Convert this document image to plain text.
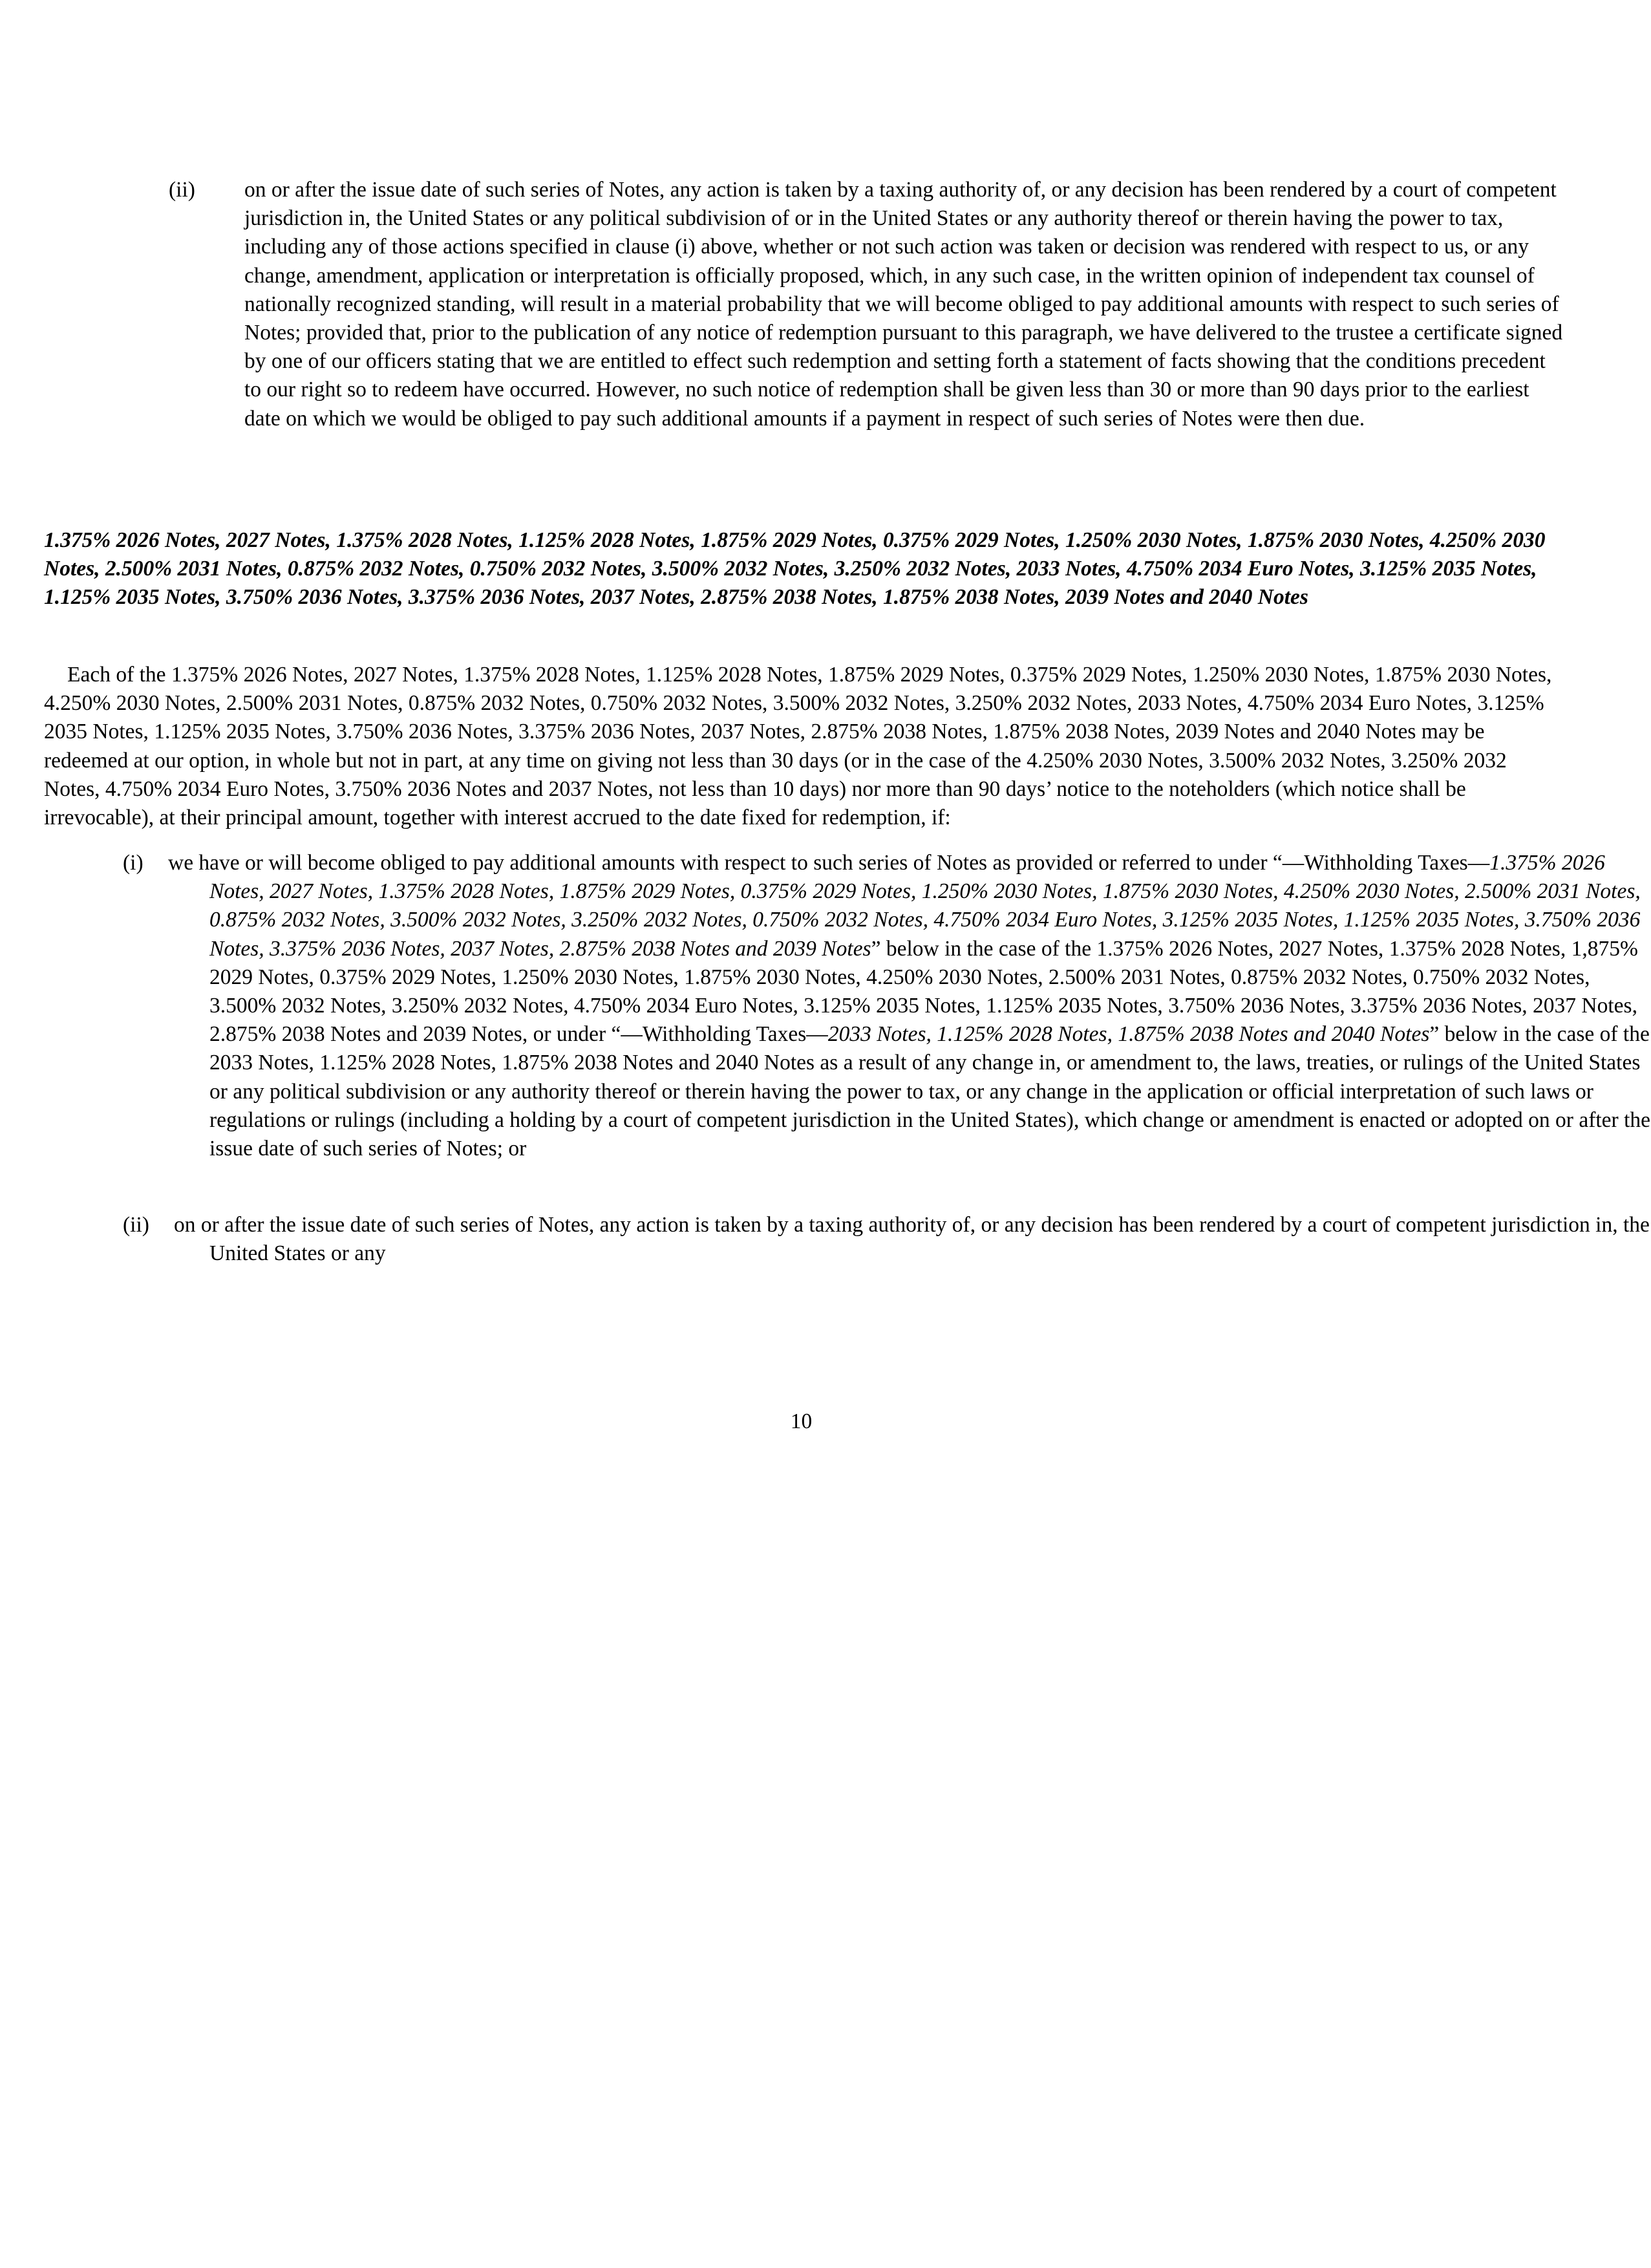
(ii) on or after the issue date of such series of Notes, any action is taken by a taxing authority of, or any decision has been rendered by a court of competent jurisdiction in, the United States or any political subdivision of or in the United States or any authority thereof or therein having the power to tax, including any of those actions specified in clause (i) above, whether or not such action was taken or decision was rendered with respect to us, or any change, amendment, application or interpretation is officially proposed, which, in any such case, in the written opinion of independent tax counsel of nationally recognized standing, will result in a material probability that we will become obliged to pay additional amounts with respect to such series of Notes; provided that, prior to the publication of any notice of redemption pursuant to this paragraph, we have delivered to the trustee a certificate signed by one of our officers stating that we are entitled to effect such redemption and setting forth a statement of facts showing that the conditions precedent to our right so to redeem have occurred. However, no such notice of redemption shall be given less than 30 or more than 90 days prior to the earliest date on which we would be obliged to pay such additional amounts if a payment in respect of such series of Notes were then due.
1.375% 2026 Notes, 2027 Notes, 1.375% 2028 Notes, 1.125% 2028 Notes, 1.875% 2029 Notes, 0.375% 2029 Notes, 1.250% 2030 Notes, 1.875% 2030 Notes, 4.250% 2030 Notes, 2.500% 2031 Notes, 0.875% 2032 Notes, 0.750% 2032 Notes, 3.500% 2032 Notes, 3.250% 2032 Notes, 2033 Notes, 4.750% 2034 Euro Notes, 3.125% 2035 Notes, 1.125% 2035 Notes, 3.750% 2036 Notes, 3.375% 2036 Notes, 2037 Notes, 2.875% 2038 Notes, 1.875% 2038 Notes, 2039 Notes and 2040 Notes
Each of the 1.375% 2026 Notes, 2027 Notes, 1.375% 2028 Notes, 1.125% 2028 Notes, 1.875% 2029 Notes, 0.375% 2029 Notes, 1.250% 2030 Notes, 1.875% 2030 Notes, 4.250% 2030 Notes, 2.500% 2031 Notes, 0.875% 2032 Notes, 0.750% 2032 Notes, 3.500% 2032 Notes, 3.250% 2032 Notes, 2033 Notes, 4.750% 2034 Euro Notes, 3.125% 2035 Notes, 1.125% 2035 Notes, 3.750% 2036 Notes, 3.375% 2036 Notes, 2037 Notes, 2.875% 2038 Notes, 1.875% 2038 Notes, 2039 Notes and 2040 Notes may be redeemed at our option, in whole but not in part, at any time on giving not less than 30 days (or in the case of the 4.250% 2030 Notes, 3.500% 2032 Notes, 3.250% 2032 Notes, 4.750% 2034 Euro Notes, 3.750% 2036 Notes and 2037 Notes, not less than 10 days) nor more than 90 days’ notice to the noteholders (which notice shall be irrevocable), at their principal amount, together with interest accrued to the date fixed for redemption, if:
(i) we have or will become obliged to pay additional amounts with respect to such series of Notes as provided or referred to under “—Withholding Taxes—1.375% 2026 Notes, 2027 Notes, 1.375% 2028 Notes, 1.875% 2029 Notes, 0.375% 2029 Notes, 1.250% 2030 Notes, 1.875% 2030 Notes, 4.250% 2030 Notes, 2.500% 2031 Notes, 0.875% 2032 Notes, 3.500% 2032 Notes, 3.250% 2032 Notes, 0.750% 2032 Notes, 4.750% 2034 Euro Notes, 3.125% 2035 Notes, 1.125% 2035 Notes, 3.750% 2036 Notes, 3.375% 2036 Notes, 2037 Notes, 2.875% 2038 Notes and 2039 Notes” below in the case of the 1.375% 2026 Notes, 2027 Notes, 1.375% 2028 Notes, 1,875% 2029 Notes, 0.375% 2029 Notes, 1.250% 2030 Notes, 1.875% 2030 Notes, 4.250% 2030 Notes, 2.500% 2031 Notes, 0.875% 2032 Notes, 0.750% 2032 Notes, 3.500% 2032 Notes, 3.250% 2032 Notes, 4.750% 2034 Euro Notes, 3.125% 2035 Notes, 1.125% 2035 Notes, 3.750% 2036 Notes, 3.375% 2036 Notes, 2037 Notes, 2.875% 2038 Notes and 2039 Notes, or under “—Withholding Taxes—2033 Notes, 1.125% 2028 Notes, 1.875% 2038 Notes and 2040 Notes” below in the case of the 2033 Notes, 1.125% 2028 Notes, 1.875% 2038 Notes and 2040 Notes as a result of any change in, or amendment to, the laws, treaties, or rulings of the United States or any political subdivision or any authority thereof or therein having the power to tax, or any change in the application or official interpretation of such laws or regulations or rulings (including a holding by a court of competent jurisdiction in the United States), which change or amendment is enacted or adopted on or after the issue date of such series of Notes; or
(ii) on or after the issue date of such series of Notes, any action is taken by a taxing authority of, or any decision has been rendered by a court of competent jurisdiction in, the United States or any
10
